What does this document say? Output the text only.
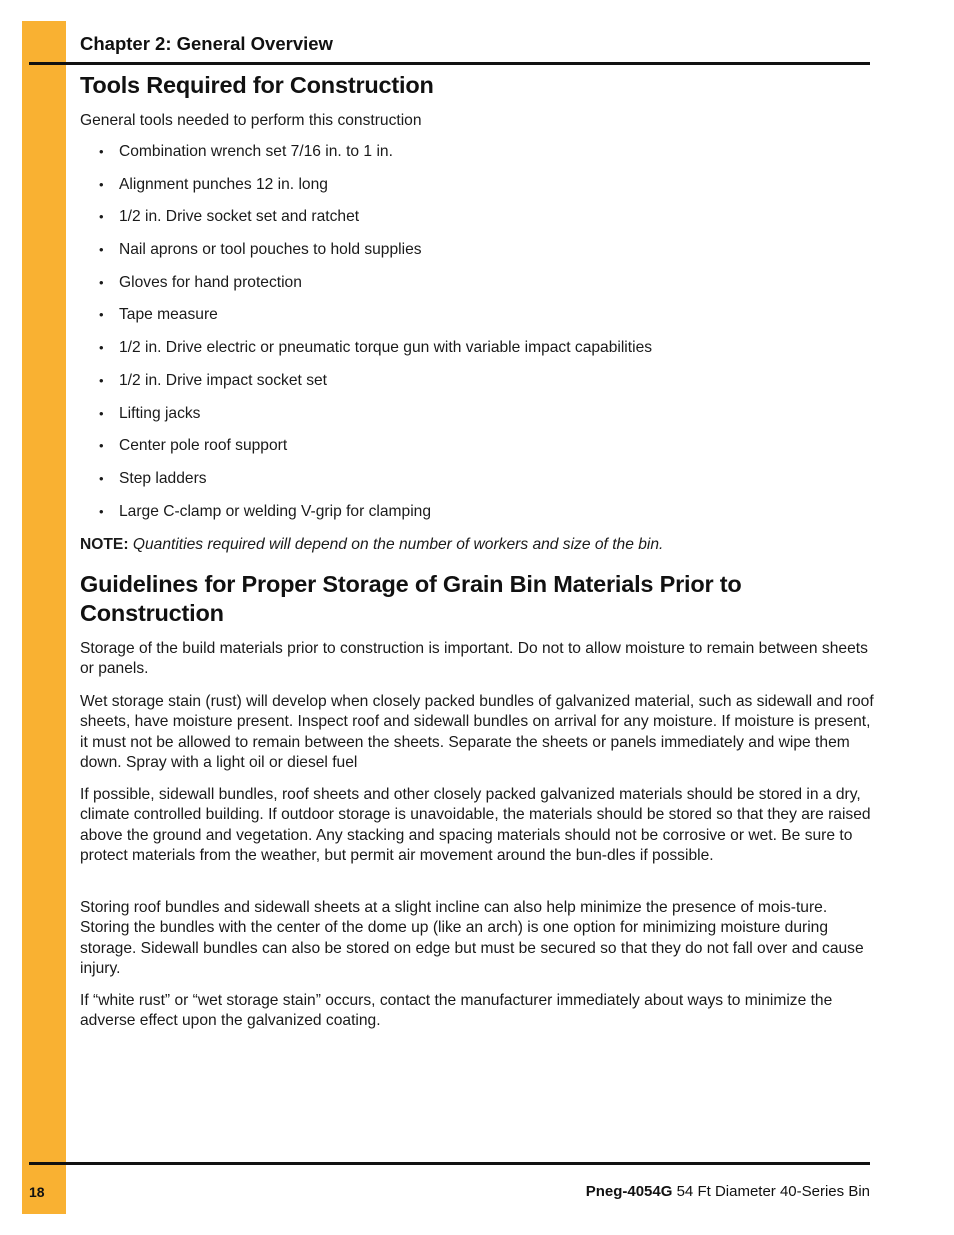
Chapter 2: General Overview
Tools Required for Construction

General tools needed to perform this construction

• Combination wrench set 7/16 in. to 1 in.
• Alignment punches 12 in. long
• 1/2 in. Drive socket set and ratchet
• Nail aprons or tool pouches to hold supplies
• Gloves for hand protection
• Tape measure
• 1/2 in. Drive electric or pneumatic torque gun with variable impact capabilities
• 1/2 in. Drive impact socket set
• Lifting jacks
• Center pole roof support
• Step ladders
• Large C-clamp or welding V-grip for clamping

NOTE: Quantities required will depend on the number of workers and size of the bin.

Guidelines for Proper Storage of Grain Bin Materials Prior to
Construction

Storage of the build materials prior to construction is important. Do not to allow moisture to remain between sheets or panels.

Wet storage stain (rust) will develop when closely packed bundles of galvanized material, such as sidewall and roof sheets, have moisture present. Inspect roof and sidewall bundles on arrival for any moisture. If moisture is present, it must not be allowed to remain between the sheets. Separate the sheets or panels immediately and wipe them down. Spray with a light oil or diesel fuel

If possible, sidewall bundles, roof sheets and other closely packed galvanized materials should be stored in a dry, climate controlled building. If outdoor storage is unavoidable, the materials should be stored so that they are raised above the ground and vegetation. Any stacking and spacing materials should not be corrosive or wet. Be sure to protect materials from the weather, but permit air movement around the bun-dles if possible.

Storing roof bundles and sidewall sheets at a slight incline can also help minimize the presence of mois-ture. Storing the bundles with the center of the dome up (like an arch) is one option for minimizing moisture during storage. Sidewall bundles can also be stored on edge but must be secured so that they do not fall over and cause injury.

If “white rust” or “wet storage stain” occurs, contact the manufacturer immediately about ways to minimize the adverse effect upon the galvanized coating.

18	Pneg-4054G 54 Ft Diameter 40-Series Bin
